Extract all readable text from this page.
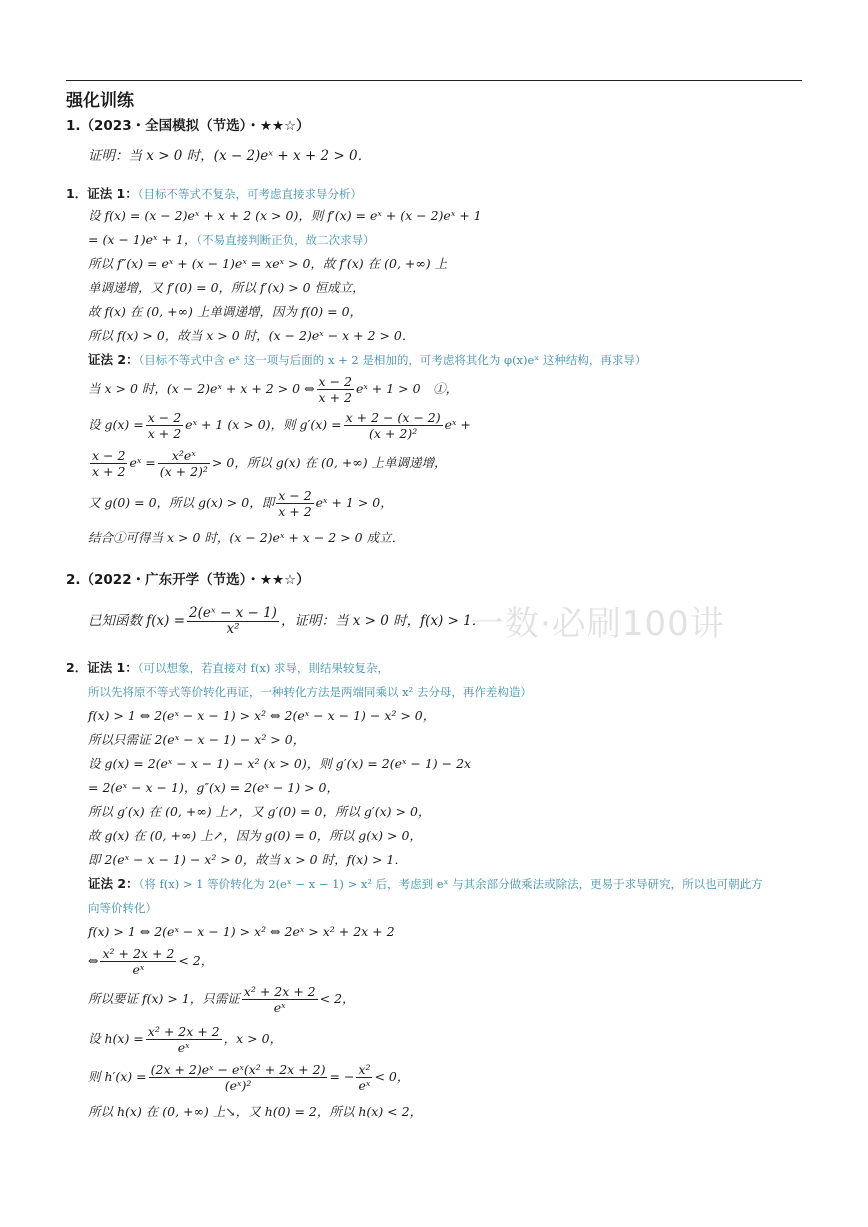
强化训练
一数·必刷100讲
1.（2023・全国模拟（节选）・★★☆）
证明：当 x > 0 时，(x − 2)eˣ + x + 2 > 0．
1．证法 1：（目标不等式不复杂，可考虑直接求导分析）
设 f(x) = (x − 2)eˣ + x + 2 (x > 0)，则 f′(x) = eˣ + (x − 2)eˣ + 1
= (x − 1)eˣ + 1，（不易直接判断正负，故二次求导）
所以 f″(x) = eˣ + (x − 1)eˣ = xeˣ > 0，故 f′(x) 在 (0, +∞) 上
单调递增，又 f′(0) = 0，所以 f′(x) > 0 恒成立，
故 f(x) 在 (0, +∞) 上单调递增，因为 f(0) = 0，
所以 f(x) > 0，故当 x > 0 时，(x − 2)eˣ − x + 2 > 0．
证法 2：（目标不等式中含 eˣ 这一项与后面的 x + 2 是相加的，可考虑将其化为 φ(x)eˣ 这种结构，再求导）
当 x > 0 时，(x − 2)eˣ + x + 2 > 0 ⇔ $\frac{x - 2}{x + 2}$ eˣ + 1 > 0　①，
设 $g(x) = \frac{x - 2}{x + 2}$ eˣ + 1 (x > 0)，则 $g'(x) = \frac{x + 2 - (x - 2)}{\text{(x + 2)²}}$ eˣ +
$\frac{x - 2}{x + 2}$ eˣ = $\frac{\text{x²eˣ}}{\text{(x + 2)²}} > 0$，所以 g(x) 在 (0, +∞) 上单调递增，
又 g(0) = 0，所以 g(x) > 0，即 $\frac{x - 2}{x + 2}$ eˣ + 1 > 0，
结合①可得当 x > 0 时，(x − 2)eˣ + x − 2 > 0 成立．
2.（2022・广东开学（节选）・★★☆）
已知函数 $f(x) = \frac{\text{2(eˣ − x − 1)}}{\text{x²}}$ ，证明：当 x > 0 时，f(x) > 1．
2．证法 1：（可以想象，若直接对 f(x) 求导，則结果较复杂，
所以先将原不等式等价转化再证，一种转化方法是两端同乘以 x² 去分母，再作差构造）
f(x) > 1 ⇔ 2(eˣ − x − 1) > x² ⇔ 2(eˣ − x − 1) − x² > 0，
所以只需证 2(eˣ − x − 1) − x² > 0，
设 g(x) = 2(eˣ − x − 1) − x² (x > 0)，则 g′(x) = 2(eˣ − 1) − 2x
= 2(eˣ − x − 1)，g″(x) = 2(eˣ − 1) > 0，
所以 g′(x) 在 (0, +∞) 上↗，又 g′(0) = 0，所以 g′(x) > 0，
故 g(x) 在 (0, +∞) 上↗，因为 g(0) = 0，所以 g(x) > 0，
即 2(eˣ − x − 1) − x² > 0，故当 x > 0 时，f(x) > 1．
证法 2：（将 f(x) > 1 等价转化为 2(eˣ − x − 1) > x² 后，考虑到 eˣ 与其余部分做乘法或除法，更易于求导研究，所以也可朝此方
向等价转化）
f(x) > 1 ⇔ 2(eˣ − x − 1) > x² ⇔ 2eˣ > x² + 2x + 2
⇔ $\frac{\text{x² + 2x + 2}}{\text{eˣ}} < 2$，
所以要证 f(x) > 1，只需证 $\frac{\text{x² + 2x + 2}}{\text{eˣ}} < 2$，
设 $h(x) = \frac{\text{x² + 2x + 2}}{\text{eˣ}}$ ，x > 0，
则 $h'(x) = \frac{\text{(2x + 2)eˣ − eˣ(x² + 2x + 2)}}{\text{(eˣ)²}}$ = − $\frac{\text{x²}}{\text{eˣ}} < 0$，
所以 h(x) 在 (0, +∞) 上↘，又 h(0) = 2，所以 h(x) < 2，
